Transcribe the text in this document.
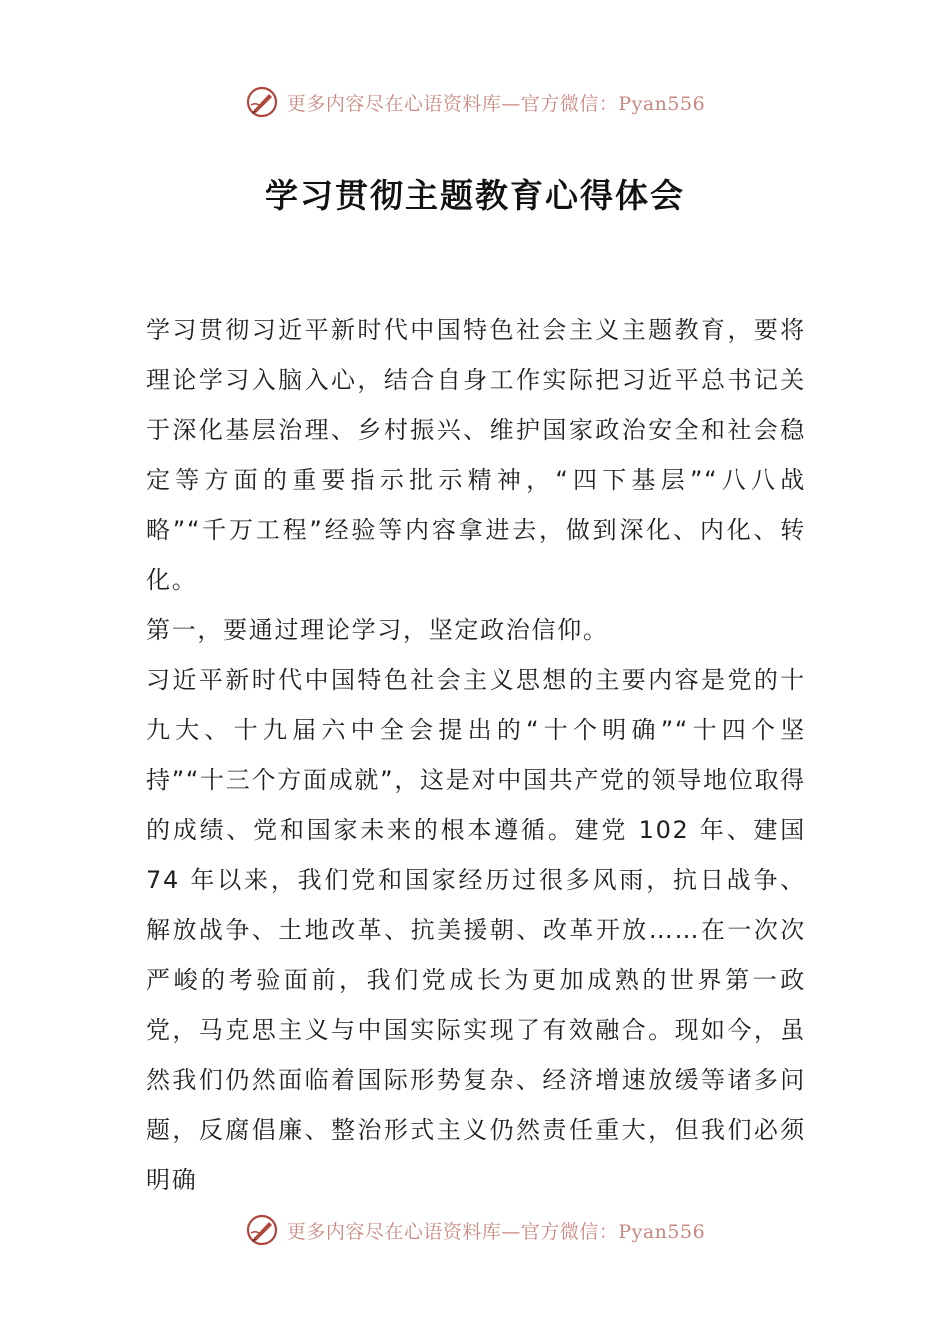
更多内容尽在心语资料库—官方微信：Pyan556
学习贯彻主题教育心得体会

学习贯彻习近平新时代中国特色社会主义主题教育，要将理论学习入脑入心，结合自身工作实际把习近平总书记关于深化基层治理、乡村振兴、维护国家政治安全和社会稳定等方面的重要指示批示精神，“四下基层”“八八战略”“千万工程”经验等内容拿进去，做到深化、内化、转化。

第一，要通过理论学习，坚定政治信仰。

习近平新时代中国特色社会主义思想的主要内容是党的十九大、十九届六中全会提出的“十个明确”“十四个坚持”“十三个方面成就”，这是对中国共产党的领导地位取得的成绩、党和国家未来的根本遵循。建党 102 年、建国 74 年以来，我们党和国家经历过很多风雨，抗日战争、解放战争、土地改革、抗美援朝、改革开放……在一次次严峻的考验面前，我们党成长为更加成熟的世界第一政党，马克思主义与中国实际实现了有效融合。现如今，虽然我们仍然面临着国际形势复杂、经济增速放缓等诸多问题，反腐倡廉、整治形式主义仍然责任重大，但我们必须明确

更多内容尽在心语资料库—官方微信：Pyan556
